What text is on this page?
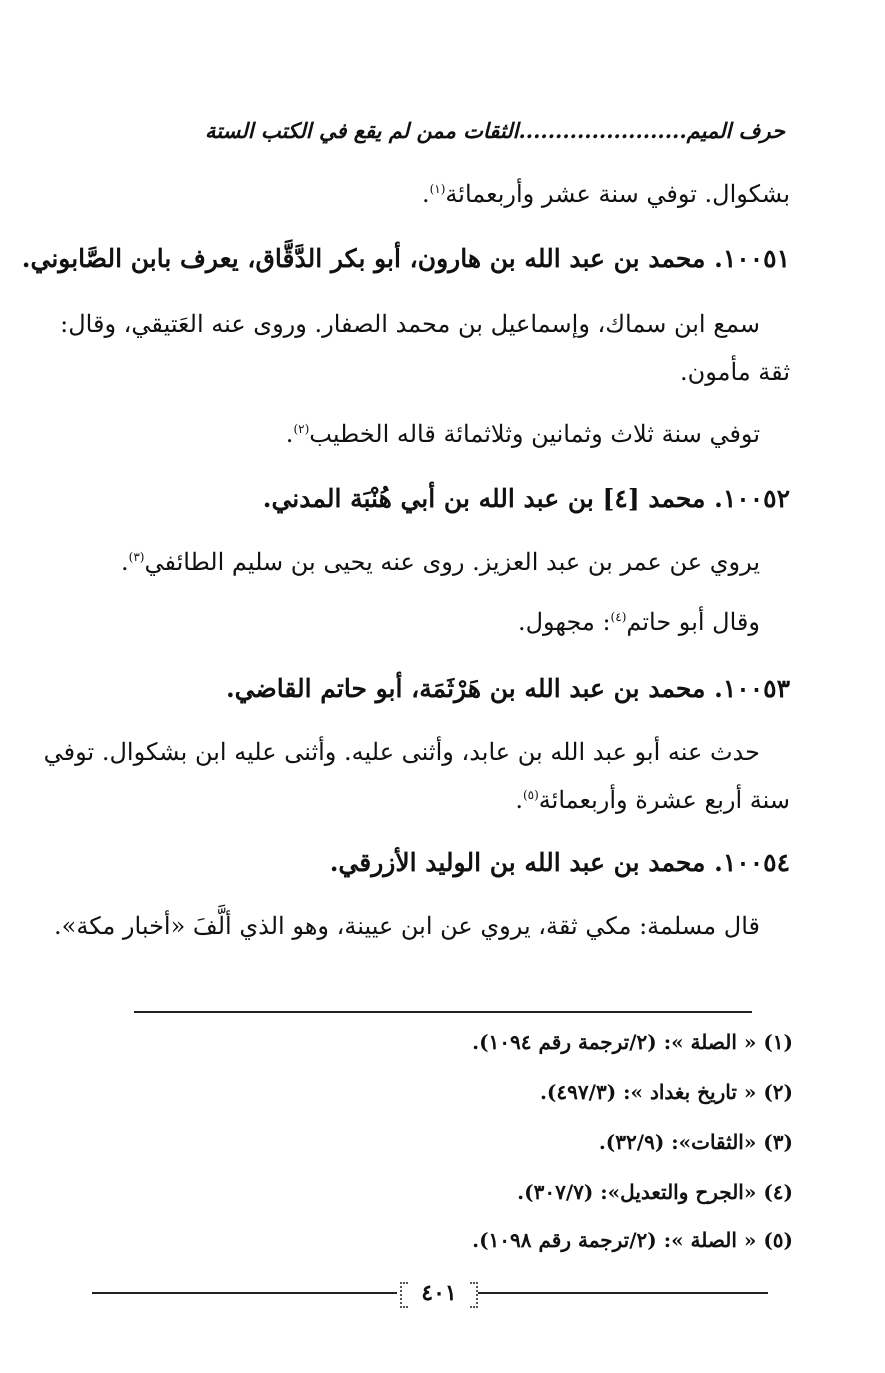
حرف الميم.......................الثقات ممن لم يقع في الكتب الستة
بشكوال. توفي سنة عشر وأربعمائة$^{(١)}$.
١٠٠٥١. محمد بن عبد الله بن هارون، أبو بكر الدَّقَّاق، يعرف بابن الصَّابوني.
سمع ابن سماك، وإسماعيل بن محمد الصفار. وروى عنه العَتيقي، وقال:
ثقة مأمون.
توفي سنة ثلاث وثمانين وثلاثمائة قاله الخطيب$^{(٢)}$.
١٠٠٥٢. محمد [٤] بن عبد الله بن أبي هُنْبَة المدني.
يروي عن عمر بن عبد العزيز. روى عنه يحيى بن سليم الطائفي$^{(٣)}$.
وقال أبو حاتم$^{(٤)}$: مجهول.
١٠٠٥٣. محمد بن عبد الله بن هَرْثَمَة، أبو حاتم القاضي.
حدث عنه أبو عبد الله بن عابد، وأثنى عليه. وأثنى عليه ابن بشكوال. توفي
سنة أربع عشرة وأربعمائة$^{(٥)}$.
١٠٠٥٤. محمد بن عبد الله بن الوليد الأزرقي.
قال مسلمة: مكي ثقة، يروي عن ابن عيينة، وهو الذي ألَّفَ «أخبار مكة».
(١) « الصلة »: (٢/ترجمة رقم ١٠٩٤).
(٢) « تاريخ بغداد »: (٤٩٧/٣).
(٣) «الثقات»: (٣٢/٩).
(٤) «الجرح والتعديل»: (٣٠٧/٧).
(٥) « الصلة »: (٢/ترجمة رقم ١٠٩٨).
٤٠١
